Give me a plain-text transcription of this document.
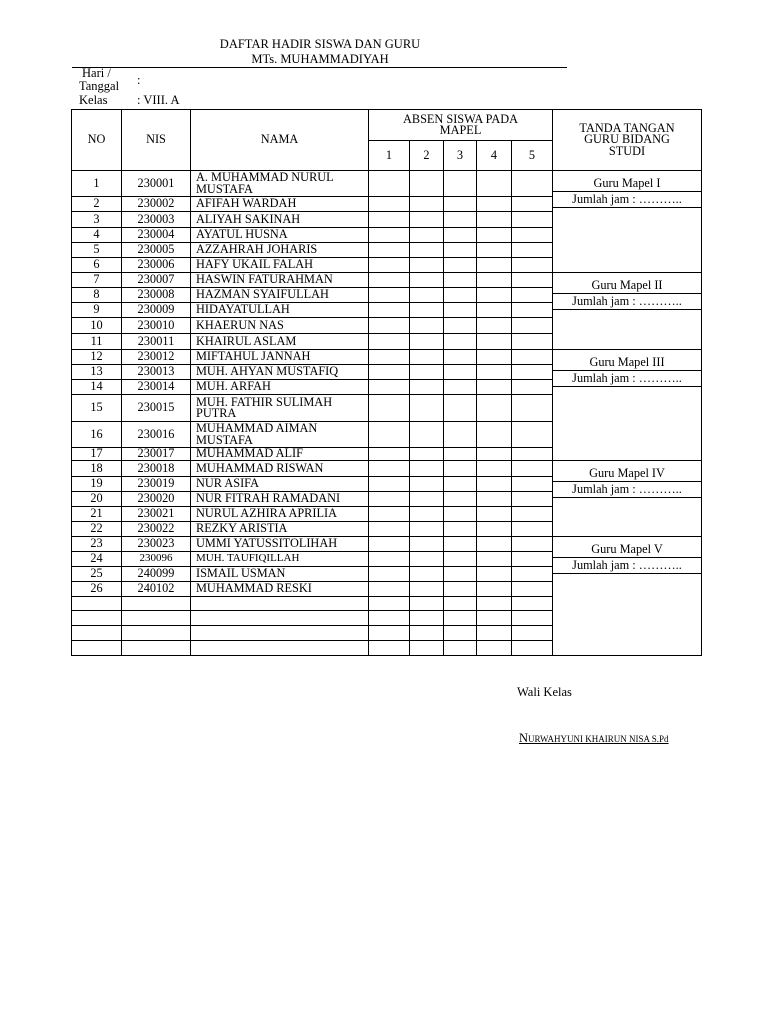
DAFTAR HADIR SISWA DAN GURU
MTs. MUHAMMADIYAH
Hari /
Tanggal :
Kelas : VIII. A
NO	NIS	NAMA	ABSEN SISWA PADA MAPEL					TANDA TANGAN GURU BIDANG STUDI
			1	2	3	4	5	
1	230001	A. MUHAMMAD NURUL MUSTAFA						Guru Mapel I
Jumlah jam : ………..

2	230002	AFIFAH WARDAH						
3	230003	ALIYAH SAKINAH						
4	230004	AYATUL HUSNA						
5	230005	AZZAHRAH JOHARIS						
6	230006	HAFY UKAIL FALAH						
7	230007	HASWIN FATURAHMAN						Guru Mapel II
Jumlah jam : ………..

8	230008	HAZMAN SYAIFULLAH						
9	230009	HIDAYATULLAH						
10	230010	KHAERUN NAS						
11	230011	KHAIRUL ASLAM						
12	230012	MIFTAHUL JANNAH						Guru Mapel III
Jumlah jam : ………..

13	230013	MUH. AHYAN MUSTAFIQ						
14	230014	MUH. ARFAH						
15	230015	MUH. FATHIR SULIMAH PUTRA						
16	230016	MUHAMMAD AIMAN MUSTAFA						
17	230017	MUHAMMAD ALIF						
18	230018	MUHAMMAD RISWAN						Guru Mapel IV
Jumlah jam : ………..

19	230019	NUR ASIFA						
20	230020	NUR FITRAH RAMADANI						
21	230021	NURUL AZHIRA APRILIA						
22	230022	REZKY ARISTIA						
23	230023	UMMI YATUSSITOLIHAH						Guru Mapel V
Jumlah jam : ………..

24	230096	MUH. TAUFIQILLAH						
25	240099	ISMAIL USMAN						
26	240102	MUHAMMAD RESKI						

Wali Kelas
NURWAHYUNI KHAIRUN NISA S.Pd
